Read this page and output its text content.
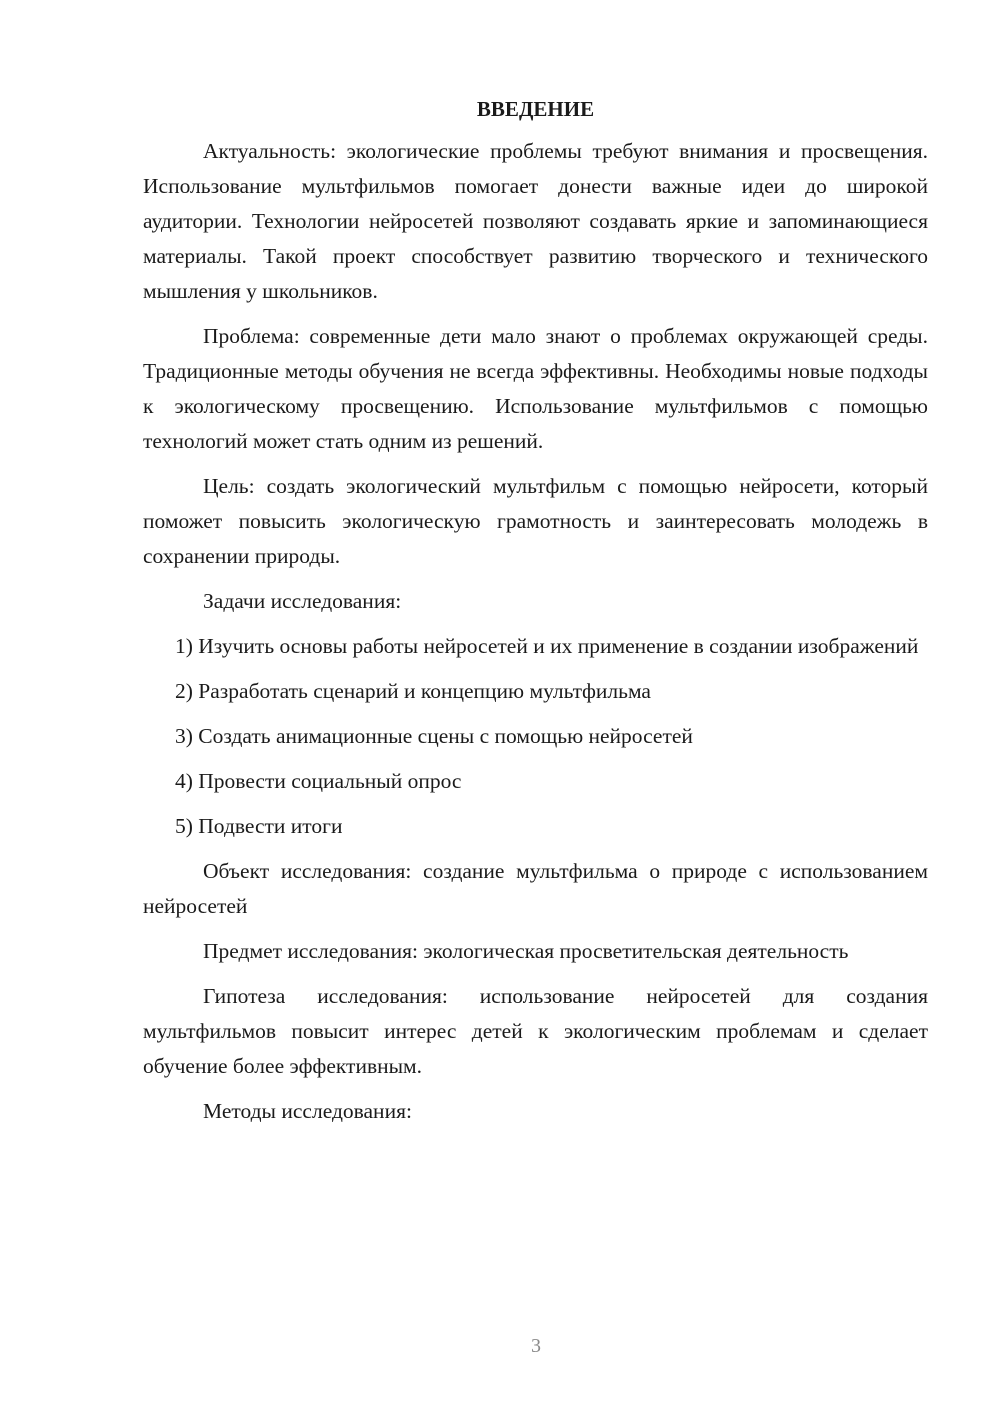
ВВЕДЕНИЕ

Актуальность: экологические проблемы требуют внимания и просвещения. Использование мультфильмов помогает донести важные идеи до широкой аудитории. Технологии нейросетей позволяют создавать яркие и запоминающиеся материалы. Такой проект способствует развитию творческого и технического мышления у школьников.

Проблема: современные дети мало знают о проблемах окружающей среды. Традиционные методы обучения не всегда эффективны. Необходимы новые подходы к экологическому просвещению. Использование мультфильмов с помощью технологий может стать одним из решений.

Цель: создать экологический мультфильм с помощью нейросети, который поможет повысить экологическую грамотность и заинтересовать молодежь в сохранении природы.

Задачи исследования:

1) Изучить основы работы нейросетей и их применение в создании изображений

2) Разработать сценарий и концепцию мультфильма

3) Создать анимационные сцены с помощью нейросетей

4) Провести социальный опрос

5) Подвести итоги

Объект исследования: создание мультфильма о природе с использованием нейросетей

Предмет исследования: экологическая просветительская деятельность

Гипотеза исследования: использование нейросетей для создания мультфильмов повысит интерес детей к экологическим проблемам и сделает обучение более эффективным.

Методы исследования:

3
